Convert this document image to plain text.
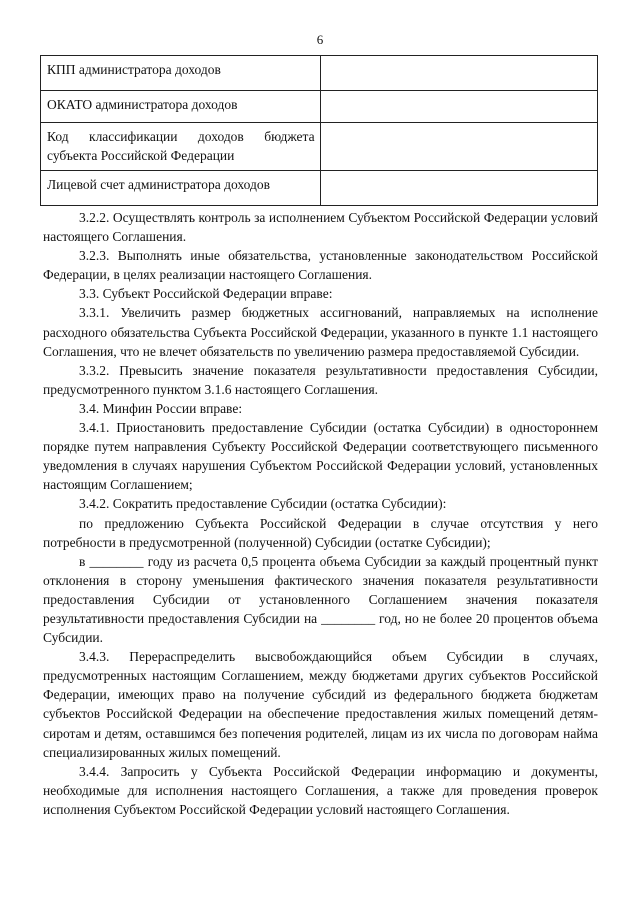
6
КПП администратора доходов	
ОКАТО администратора доходов	
Код классификации доходов бюджета субъекта Российской Федерации	
Лицевой счет администратора доходов	

3.2.2. Осуществлять контроль за исполнением Субъектом Российской Федерации условий настоящего Соглашения.

3.2.3. Выполнять иные обязательства, установленные законодательством Российской Федерации, в целях реализации настоящего Соглашения.

3.3. Субъект Российской Федерации вправе:

3.3.1. Увеличить размер бюджетных ассигнований, направляемых на исполнение расходного обязательства Субъекта Российской Федерации, указанного в пункте 1.1 настоящего Соглашения, что не влечет обязательств по увеличению размера предоставляемой Субсидии.

3.3.2. Превысить значение показателя результативности предоставления Субсидии, предусмотренного пунктом 3.1.6 настоящего Соглашения.

3.4. Минфин России вправе:

3.4.1. Приостановить предоставление Субсидии (остатка Субсидии) в одностороннем порядке путем направления Субъекту Российской Федерации соответствующего письменного уведомления в случаях нарушения Субъектом Российской Федерации условий, установленных настоящим Соглашением;

3.4.2. Сократить предоставление Субсидии (остатка Субсидии):

по предложению Субъекта Российской Федерации в случае отсутствия у него потребности в предусмотренной (полученной) Субсидии (остатке Субсидии);

в ________ году из расчета 0,5 процента объема Субсидии за каждый процентный пункт отклонения в сторону уменьшения фактического значения показателя результативности предоставления Субсидии от установленного Соглашением значения показателя результативности предоставления Субсидии на ________ год, но не более 20 процентов объема Субсидии.

3.4.3. Перераспределить высвобождающийся объем Субсидии в случаях, предусмотренных настоящим Соглашением, между бюджетами других субъектов Российской Федерации, имеющих право на получение субсидий из федерального бюджета бюджетам субъектов Российской Федерации на обеспечение предоставления жилых помещений детям-сиротам и детям, оставшимся без попечения родителей, лицам из их числа по договорам найма специализированных жилых помещений.

3.4.4. Запросить у Субъекта Российской Федерации информацию и документы, необходимые для исполнения настоящего Соглашения, а также для проведения проверок исполнения Субъектом Российской Федерации условий настоящего Соглашения.
